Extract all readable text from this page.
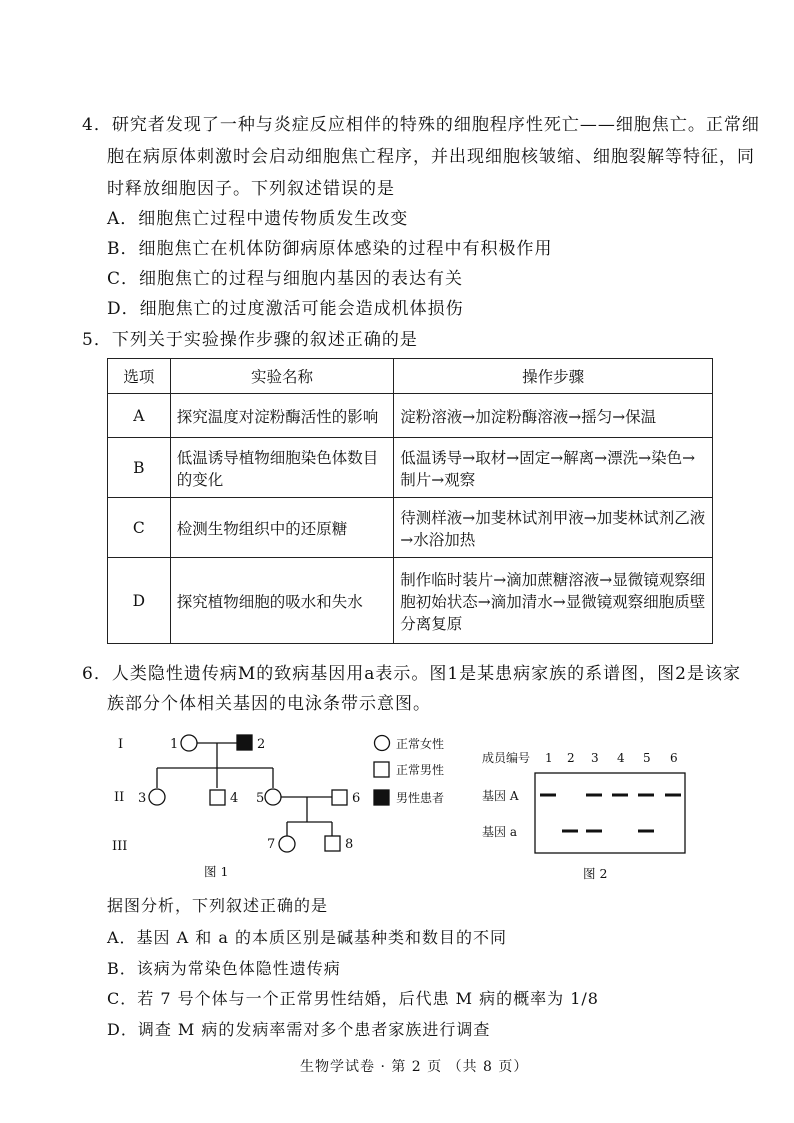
4．研究者发现了一种与炎症反应相伴的特殊的细胞程序性死亡——细胞焦亡。正常细
胞在病原体刺激时会启动细胞焦亡程序，并出现细胞核皱缩、细胞裂解等特征，同
时释放细胞因子。下列叙述错误的是
A．细胞焦亡过程中遗传物质发生改变
B．细胞焦亡在机体防御病原体感染的过程中有积极作用
C．细胞焦亡的过程与细胞内基因的表达有关
D．细胞焦亡的过度激活可能会造成机体损伤
5．下列关于实验操作步骤的叙述正确的是
选项	实验名称	操作步骤
A	探究温度对淀粉酶活性的影响	淀粉溶液→加淀粉酶溶液→摇匀→保温
B	低温诱导植物细胞染色体数目的变化	低温诱导→取材→固定→解离→漂洗→染色→制片→观察
C	检测生物组织中的还原糖	待测样液→加斐林试剂甲液→加斐林试剂乙液→水浴加热
D	探究植物细胞的吸水和失水	制作临时装片→滴加蔗糖溶液→显微镜观察细胞初始状态→滴加清水→显微镜观察细胞质壁分离复原
6．人类隐性遗传病M的致病基因用a表示。图1是某患病家族的系谱图，图2是该家
族部分个体相关基因的电泳条带示意图。
I
II
III
1	2
3	4 5	6
7	8
正常女性
正常男性
男性患者
图 1
成员编号
基因 A
基因 a
图 2
1 2 3 4 5 6
据图分析，下列叙述正确的是
A．基因 A 和 a 的本质区别是碱基种类和数目的不同
B．该病为常染色体隐性遗传病
C．若 7 号个体与一个正常男性结婚，后代患 M 病的概率为 1/8
D．调查 M 病的发病率需对多个患者家族进行调查
生物学试卷 · 第 2 页 （共 8 页）
